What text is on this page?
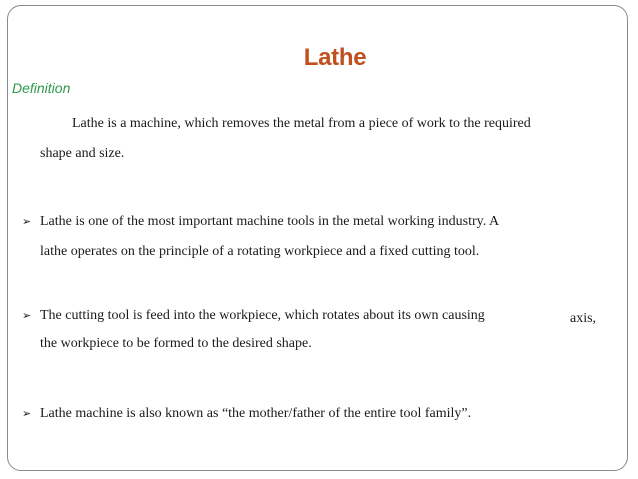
Lathe
Definition
Lathe is a machine, which removes the metal from a piece of work to the required
shape and size.
➢ Lathe is one of the most important machine tools in the metal working industry. A
lathe operates on the principle of a rotating workpiece and a fixed cutting tool.
➢ The cutting tool is feed into the workpiece, which rotates about its own causing	axis,
the workpiece to be formed to the desired shape.
➢ Lathe machine is also known as “the mother/father of the entire tool family”.
